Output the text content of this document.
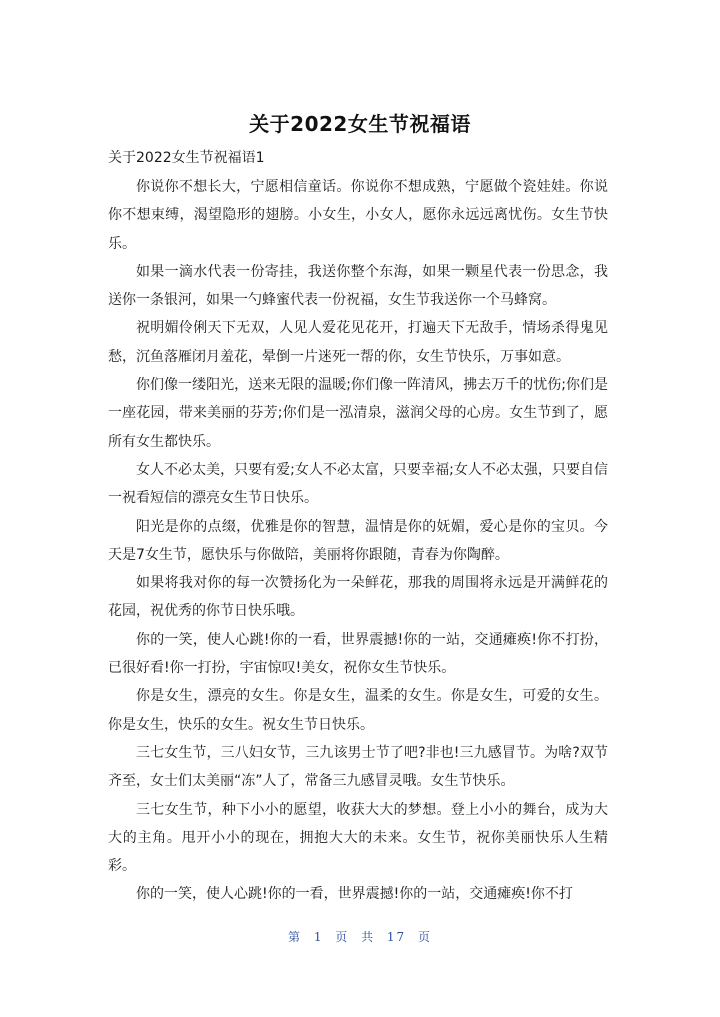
关于2022女生节祝福语
关于2022女生节祝福语1

你说你不想长大，宁愿相信童话。你说你不想成熟，宁愿做个瓷娃娃。你说你不想束缚，渴望隐形的翅膀。小女生，小女人，愿你永远远离忧伤。女生节快乐。

如果一滴水代表一份寄挂，我送你整个东海，如果一颗星代表一份思念，我送你一条银河，如果一勺蜂蜜代表一份祝福，女生节我送你一个马蜂窝。

祝明媚伶俐天下无双，人见人爱花见花开，打遍天下无敌手，情场杀得鬼见愁，沉鱼落雁闭月羞花，晕倒一片迷死一帮的你，女生节快乐，万事如意。

你们像一缕阳光，送来无限的温暖;你们像一阵清风，拂去万千的忧伤;你们是一座花园，带来美丽的芬芳;你们是一泓清泉，滋润父母的心房。女生节到了，愿所有女生都快乐。

女人不必太美，只要有爱;女人不必太富，只要幸福;女人不必太强，只要自信一祝看短信的漂亮女生节日快乐。

阳光是你的点缀，优雅是你的智慧，温情是你的妩媚，爱心是你的宝贝。今天是7女生节，愿快乐与你做陪，美丽将你跟随，青春为你陶醉。

如果将我对你的每一次赞扬化为一朵鲜花，那我的周围将永远是开满鲜花的花园，祝优秀的你节日快乐哦。

你的一笑，使人心跳!你的一看，世界震撼!你的一站，交通瘫痪!你不打扮，已很好看!你一打扮，宇宙惊叹!美女，祝你女生节快乐。

你是女生，漂亮的女生。你是女生，温柔的女生。你是女生，可爱的女生。你是女生，快乐的女生。祝女生节日快乐。

三七女生节，三八妇女节，三九该男士节了吧?非也!三九感冒节。为啥?双节齐至，女士们太美丽“冻”人了，常备三九感冒灵哦。女生节快乐。

三七女生节，种下小小的愿望，收获大大的梦想。登上小小的舞台，成为大大的主角。甩开小小的现在，拥抱大大的未来。女生节，祝你美丽快乐人生精彩。

你的一笑，使人心跳!你的一看，世界震撼!你的一站，交通瘫痪!你不打

第 1 页 共 17 页
